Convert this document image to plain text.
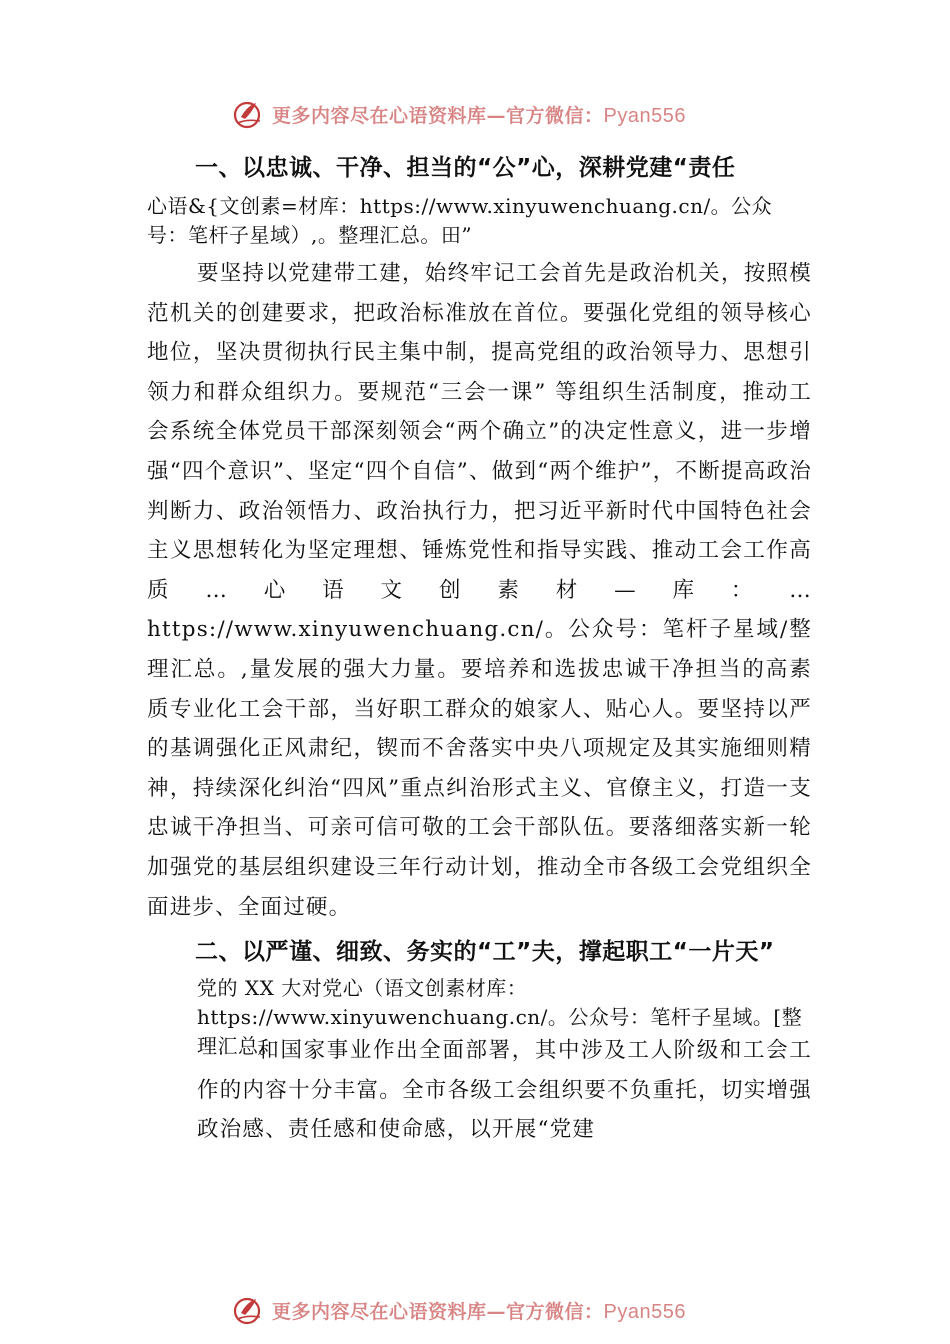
更多内容尽在心语资料库—官方微信：Pyan556

一、以忠诚、干净、担当的“公”心，深耕党建“责任

心语&{文创素=材库：https://www.xinyuwenchuang.cn/。公众号：笔杆子星域）,。整理汇总。田”

要坚持以党建带工建，始终牢记工会首先是政治机关，按照模范机关的创建要求，把政治标准放在首位。要强化党组的领导核心地位，坚决贯彻执行民主集中制，提高党组的政治领导力、思想引领力和群众组织力。要规范“三会一课” 等组织生活制度，推动工会系统全体党员干部深刻领会“两个确立”的决定性意义，进一步增强“四个意识”、坚定“四个自信”、做到“两个维护”，不断提高政治判断力、政治领悟力、政治执行力，把习近平新时代中国特色社会主义思想转化为坚定理想、锤炼党性和指导实践、推动工会工作高质…心语文创素材—库：…https://www.xinyuwenchuang.cn/。公众号：笔杆子星域/整理汇总。,量发展的强大力量。要培养和选拔忠诚干净担当的高素质专业化工会干部，当好职工群众的娘家人、贴心人。要坚持以严的基调强化正风肃纪，锲而不舍落实中央八项规定及其实施细则精神，持续深化纠治“四风”重点纠治形式主义、官僚主义，打造一支忠诚干净担当、可亲可信可敬的工会干部队伍。要落细落实新一轮加强党的基层组织建设三年行动计划，推动全市各级工会党组织全面进步、全面过硬。

二、以严谨、细致、务实的“工”夫，撑起职工“一片天”

党的 XX 大对党心（语文创素材库：https://www.xinyuwenchuang.cn/。公众号：笔杆子星域。[整理汇总。

和国家事业作出全面部署，其中涉及工人阶级和工会工作的内容十分丰富。全市各级工会组织要不负重托，切实增强政治感、责任感和使命感，以开展“党建

更多内容尽在心语资料库—官方微信：Pyan556
